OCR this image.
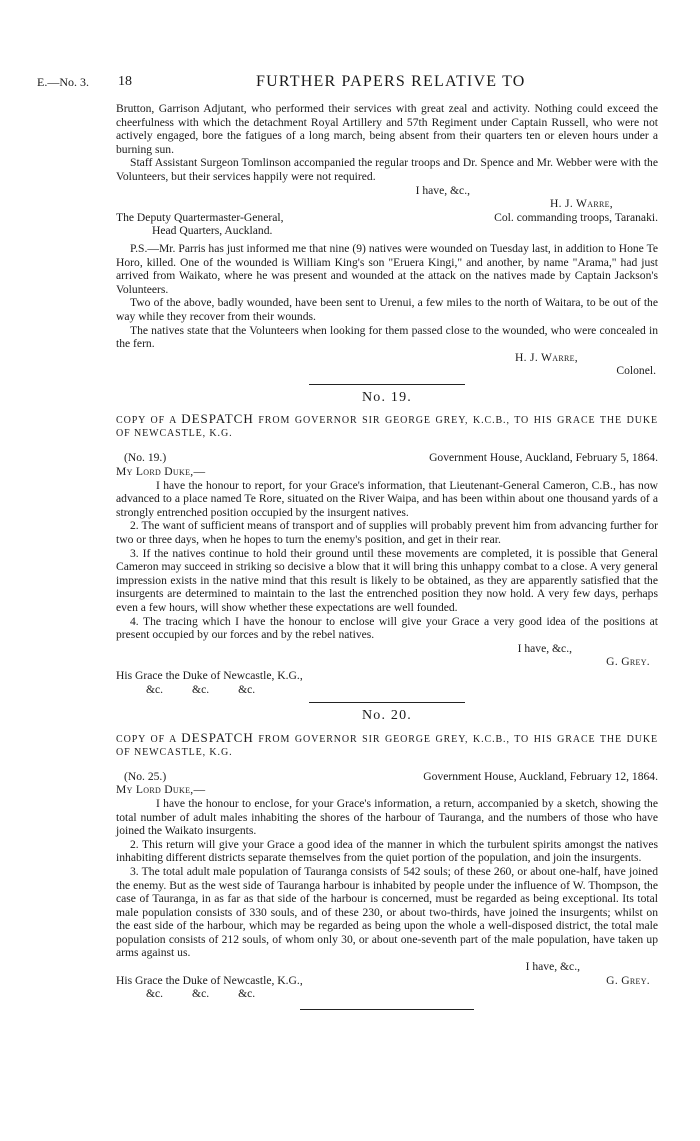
E.—No. 3. 18	FURTHER PAPERS RELATIVE TO

Brutton, Garrison Adjutant, who performed their services with great zeal and activity. Nothing could exceed the cheerfulness with which the detachment Royal Artillery and 57th Regiment under Captain Russell, who were not actively engaged, bore the fatigues of a long march, being absent from their quarters ten or eleven hours under a burning sun.

Staff Assistant Surgeon Tomlinson accompanied the regular troops and Dr. Spence and Mr. Webber were with the Volunteers, but their services happily were not required.

I have, &c.,
H. J. Warre,
The Deputy Quartermaster-General,	Col. commanding troops, Taranaki.
Head Quarters, Auckland.

P.S.—Mr. Parris has just informed me that nine (9) natives were wounded on Tuesday last, in addition to Hone Te Horo, killed. One of the wounded is William King's son "Eruera Kingi," and another, by name "Arama," had just arrived from Waikato, where he was present and wounded at the attack on the natives made by Captain Jackson's Volunteers.

Two of the above, badly wounded, have been sent to Urenui, a few miles to the north of Waitara, to be out of the way while they recover from their wounds.

The natives state that the Volunteers when looking for them passed close to the wounded, who were concealed in the fern.

H. J. Warre,
Colonel.
No. 19.
COPY OF A DESPATCH FROM GOVERNOR SIR GEORGE GREY, K.C.B., TO HIS GRACE THE DUKE OF NEWCASTLE, K.G.
(No. 19.)	Government House, Auckland, February 5, 1864.
My Lord Duke,—

I have the honour to report, for your Grace's information, that Lieutenant-General Cameron, C.B., has now advanced to a place named Te Rore, situated on the River Waipa, and has been within about one thousand yards of a strongly entrenched position occupied by the insurgent natives.

2. The want of sufficient means of transport and of supplies will probably prevent him from advancing further for two or three days, when he hopes to turn the enemy's position, and get in their rear.

3. If the natives continue to hold their ground until these movements are completed, it is possible that General Cameron may succeed in striking so decisive a blow that it will bring this unhappy combat to a close. A very general impression exists in the native mind that this result is likely to be obtained, as they are apparently satisfied that the insurgents are determined to maintain to the last the entrenched position they now hold. A very few days, perhaps even a few hours, will show whether these expectations are well founded.

4. The tracing which I have the honour to enclose will give your Grace a very good idea of the positions at present occupied by our forces and by the rebel natives.

I have, &c.,
G. Grey.
His Grace the Duke of Newcastle, K.G.,
&c.          &c.          &c.
No. 20.
COPY OF A DESPATCH FROM GOVERNOR SIR GEORGE GREY, K.C.B., TO HIS GRACE THE DUKE OF NEWCASTLE, K.G.
(No. 25.)	Government House, Auckland, February 12, 1864.
My Lord Duke,—

I have the honour to enclose, for your Grace's information, a return, accompanied by a sketch, showing the total number of adult males inhabiting the shores of the harbour of Tauranga, and the numbers of those who have joined the Waikato insurgents.

2. This return will give your Grace a good idea of the manner in which the turbulent spirits amongst the natives inhabiting different districts separate themselves from the quiet portion of the population, and join the insurgents.

3. The total adult male population of Tauranga consists of 542 souls; of these 260, or about one-half, have joined the enemy. But as the west side of Tauranga harbour is inhabited by people under the influence of W. Thompson, the case of Tauranga, in as far as that side of the harbour is concerned, must be regarded as being exceptional. Its total male population consists of 330 souls, and of these 230, or about two-thirds, have joined the insurgents; whilst on the east side of the harbour, which may be regarded as being upon the whole a well-disposed district, the total male population consists of 212 souls, of whom only 30, or about one-seventh part of the male population, have taken up arms against us.

I have, &c.,
His Grace the Duke of Newcastle, K.G.,	G. Grey.
&c.          &c.          &c.
